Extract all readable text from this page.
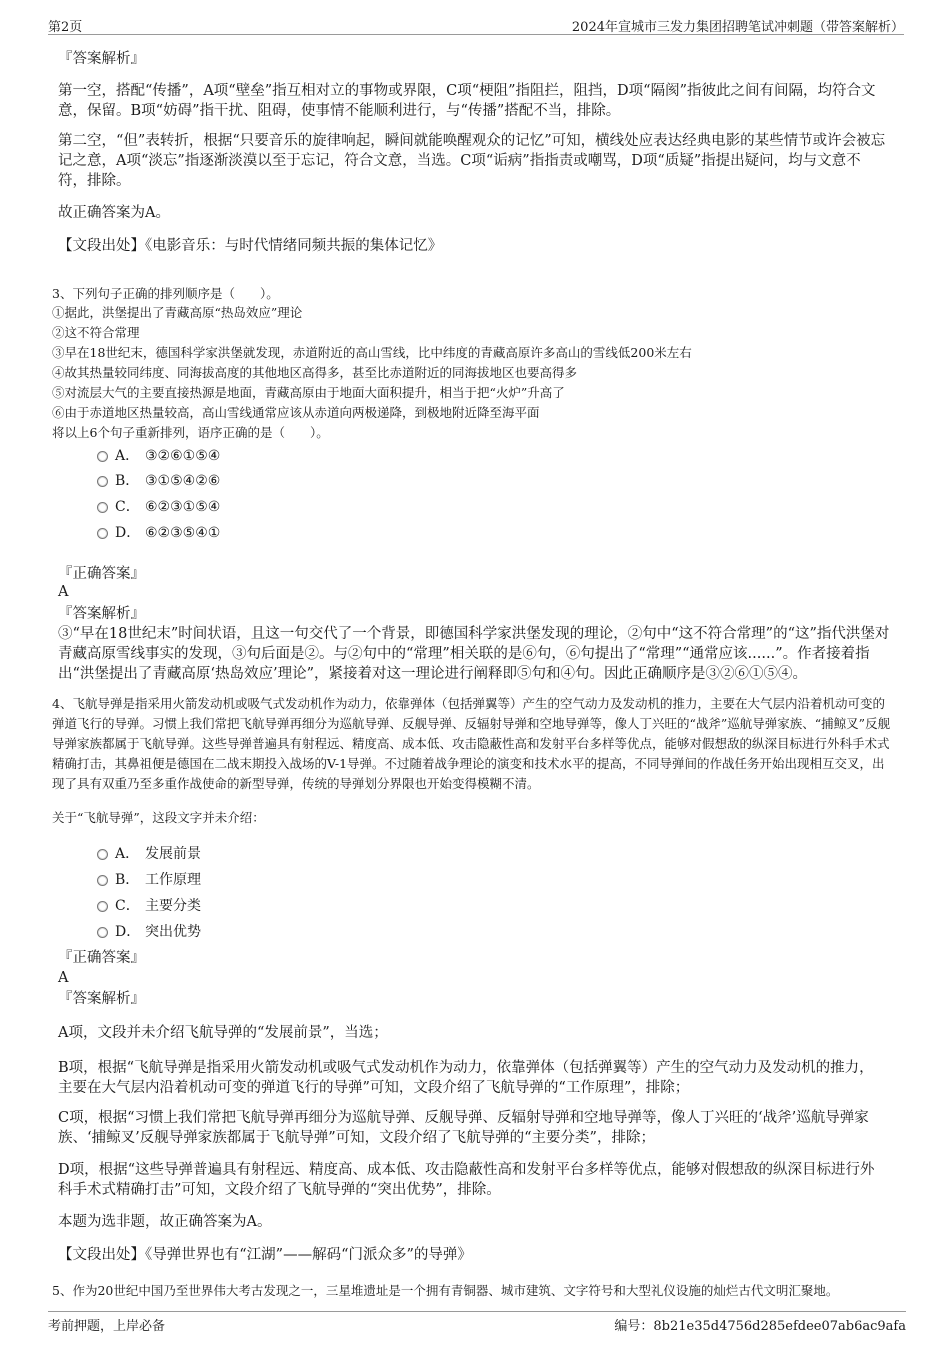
第2页	2024年宣城市三发力集团招聘笔试冲刺题（带答案解析）

『答案解析』

第一空，搭配“传播”，A项“壁垒”指互相对立的事物或界限，C项“梗阻”指阻拦，阻挡，D项“隔阂”指彼此之间有间隔，均符合文意，保留。B项“妨碍”指干扰、阻碍，使事情不能顺利进行，与“传播”搭配不当，排除。

第二空，“但”表转折，根据“只要音乐的旋律响起，瞬间就能唤醒观众的记忆”可知，横线处应表达经典电影的某些情节或许会被忘记之意，A项“淡忘”指逐渐淡漠以至于忘记，符合文意，当选。C项“诟病”指指责或嘲骂，D项“质疑”指提出疑问，均与文意不符，排除。

故正确答案为A。

【文段出处】《电影音乐：与时代情绪同频共振的集体记忆》

3、下列句子正确的排列顺序是（　　）。

①据此，洪堡提出了青藏高原“热岛效应”理论

②这不符合常理

③早在18世纪末，德国科学家洪堡就发现，赤道附近的高山雪线，比中纬度的青藏高原许多高山的雪线低200米左右

④故其热量较同纬度、同海拔高度的其他地区高得多，甚至比赤道附近的同海拔地区也要高得多

⑤对流层大气的主要直接热源是地面，青藏高原由于地面大面积提升，相当于把“火炉”升高了

⑥由于赤道地区热量较高，高山雪线通常应该从赤道向两极递降，到极地附近降至海平面

将以上6个句子重新排列，语序正确的是（　　）。

A． ③②⑥①⑤④
B． ③①⑤④②⑥
C． ⑥②③①⑤④
D． ⑥②③⑤④①

『正确答案』

A

『答案解析』

③“早在18世纪末”时间状语，且这一句交代了一个背景，即德国科学家洪堡发现的理论，②句中“这不符合常理”的“这”指代洪堡对青藏高原雪线事实的发现，③句后面是②。与②句中的“常理”相关联的是⑥句，⑥句提出了“常理”“通常应该......”。作者接着指出“洪堡提出了青藏高原‘热岛效应’理论”，紧接着对这一理论进行阐释即⑤句和④句。因此正确顺序是③②⑥①⑤④。

4、飞航导弹是指采用火箭发动机或吸气式发动机作为动力，依靠弹体（包括弹翼等）产生的空气动力及发动机的推力，主要在大气层内沿着机动可变的弹道飞行的导弹。习惯上我们常把飞航导弹再细分为巡航导弹、反舰导弹、反辐射导弹和空地导弹等，像人丁兴旺的“战斧”巡航导弹家族、“捕鲸叉”反舰导弹家族都属于飞航导弹。这些导弹普遍具有射程远、精度高、成本低、攻击隐蔽性高和发射平台多样等优点，能够对假想敌的纵深目标进行外科手术式精确打击，其鼻祖便是德国在二战末期投入战场的V-1导弹。不过随着战争理论的演变和技术水平的提高，不同导弹间的作战任务开始出现相互交叉，出现了具有双重乃至多重作战使命的新型导弹，传统的导弹划分界限也开始变得模糊不清。

关于“飞航导弹”，这段文字并未介绍：

A． 发展前景
B． 工作原理
C． 主要分类
D． 突出优势

『正确答案』

A

『答案解析』

A项，文段并未介绍飞航导弹的“发展前景”，当选；

B项，根据“飞航导弹是指采用火箭发动机或吸气式发动机作为动力，依靠弹体（包括弹翼等）产生的空气动力及发动机的推力，主要在大气层内沿着机动可变的弹道飞行的导弹”可知，文段介绍了飞航导弹的“工作原理”，排除；

C项，根据“习惯上我们常把飞航导弹再细分为巡航导弹、反舰导弹、反辐射导弹和空地导弹等，像人丁兴旺的‘战斧’巡航导弹家族、‘捕鲸叉’反舰导弹家族都属于飞航导弹”可知，文段介绍了飞航导弹的“主要分类”，排除；

D项，根据“这些导弹普遍具有射程远、精度高、成本低、攻击隐蔽性高和发射平台多样等优点，能够对假想敌的纵深目标进行外科手术式精确打击”可知，文段介绍了飞航导弹的“突出优势”，排除。

本题为选非题，故正确答案为A。

【文段出处】《导弹世界也有“江湖”——解码“门派众多”的导弹》

5、作为20世纪中国乃至世界伟大考古发现之一，三星堆遗址是一个拥有青铜器、城市建筑、文字符号和大型礼仪设施的灿烂古代文明汇聚地。

考前押题，上岸必备	编号：8b21e35d4756d285efdee07ab6ac9afa
